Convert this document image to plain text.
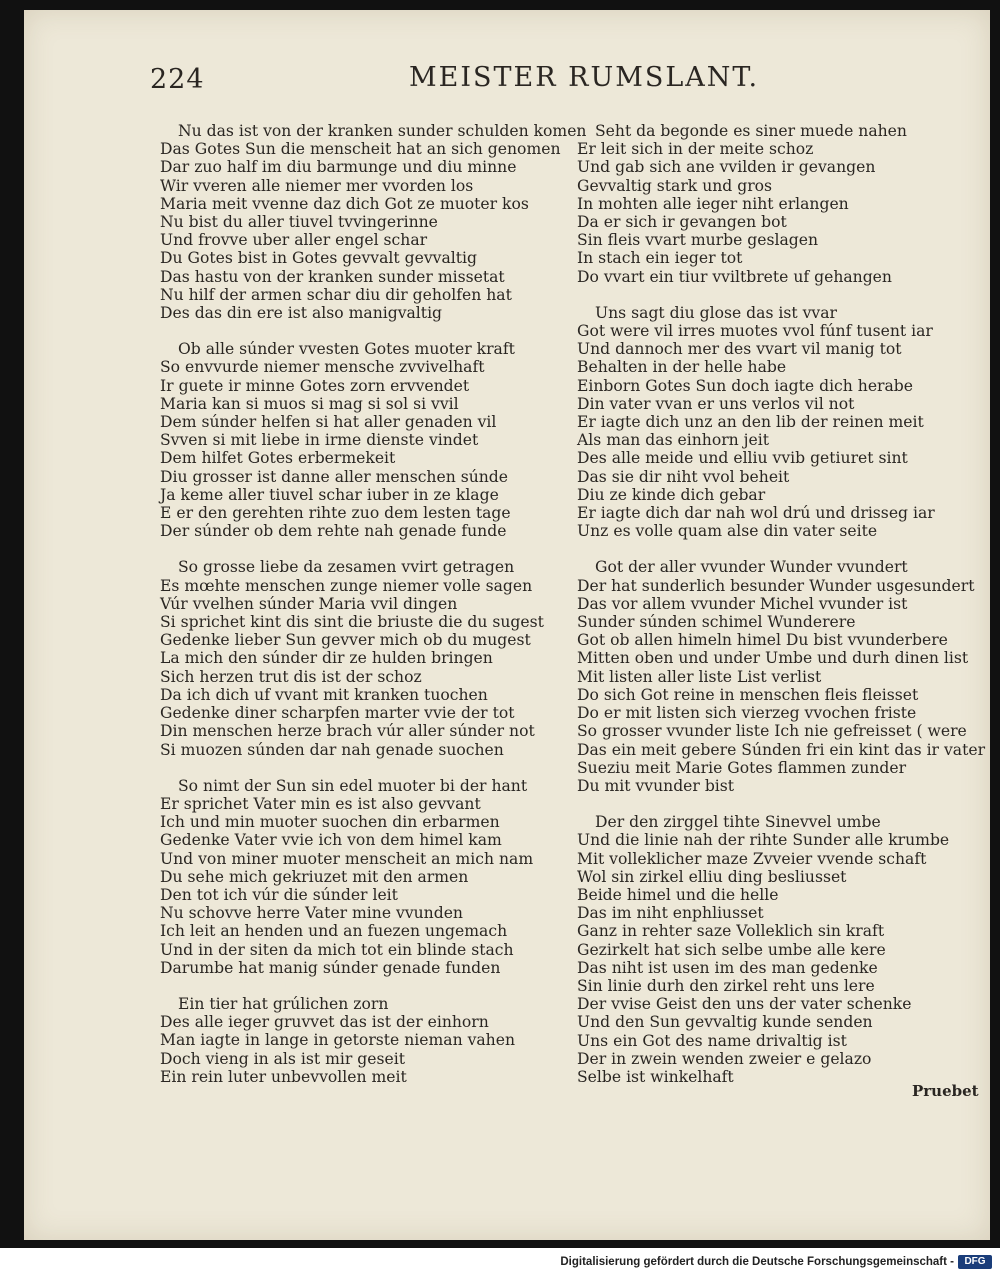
224	MEISTER RUMSLANT.
Nu das ist von der kranken sunder schulden komen
Das Gotes Sun die menscheit hat an sich genomen
Dar zuo half im diu barmunge und diu minne
Wir vveren alle niemer mer vvorden los
Maria meit vvenne daz dich Got ze muoter kos
Nu bist du aller tiuvel tvvingerinne
Und frovve uber aller engel schar
Du Gotes bist in Gotes gevvalt gevvaltig
Das hastu von der kranken sunder missetat
Nu hilf der armen schar diu dir geholfen hat
Des das din ere ist also manigvaltig
Ob alle súnder vvesten Gotes muoter kraft
So envvurde niemer mensche zvvivelhaft
Ir guete ir minne Gotes zorn ervvendet
Maria kan si muos si mag si sol si vvil
Dem súnder helfen si hat aller genaden vil
Svven si mit liebe in irme dienste vindet
Dem hilfet Gotes erbermekeit
Diu grosser ist danne aller menschen súnde
Ja keme aller tiuvel schar iuber in ze klage
E er den gerehten rihte zuo dem lesten tage
Der súnder ob dem rehte nah genade funde
So grosse liebe da zesamen vvirt getragen
Es mœhte menschen zunge niemer volle sagen
Vúr vvelhen súnder Maria vvil dingen
Si sprichet kint dis sint die briuste die du sugest
Gedenke lieber Sun gevver mich ob du mugest
La mich den súnder dir ze hulden bringen
Sich herzen trut dis ist der schoz
Da ich dich uf vvant mit kranken tuochen
Gedenke diner scharpfen marter vvie der tot
Din menschen herze brach vúr aller súnder not
Si muozen súnden dar nah genade suochen
So nimt der Sun sin edel muoter bi der hant
Er sprichet Vater min es ist also gevvant
Ich und min muoter suochen din erbarmen
Gedenke Vater vvie ich von dem himel kam
Und von miner muoter menscheit an mich nam
Du sehe mich gekriuzet mit den armen
Den tot ich vúr die súnder leit
Nu schovve herre Vater mine vvunden
Ich leit an henden und an fuezen ungemach
Und in der siten da mich tot ein blinde stach
Darumbe hat manig súnder genade funden
Ein tier hat grúlichen zorn
Des alle ieger gruvvet das ist der einhorn
Man iagte in lange in getorste nieman vahen
Doch vieng in als ist mir geseit
Ein rein luter unbevvollen meit
Seht da begonde es siner muede nahen
Er leit sich in der meite schoz
Und gab sich ane vvilden ir gevangen
Gevvaltig stark und gros
In mohten alle ieger niht erlangen
Da er sich ir gevangen bot
Sin fleis vvart murbe geslagen
In stach ein ieger tot
Do vvart ein tiur vviltbrete uf gehangen
Uns sagt diu glose das ist vvar
Got were vil irres muotes vvol fúnf tusent iar
Und dannoch mer des vvart vil manig tot
Behalten in der helle habe
Einborn Gotes Sun doch iagte dich herabe
Din vater vvan er uns verlos vil not
Er iagte dich unz an den lib der reinen meit
Als man das einhorn jeit
Des alle meide und elliu vvib getiuret sint
Das sie dir niht vvol beheit
Diu ze kinde dich gebar
Er iagte dich dar nah wol drú und drisseg iar
Unz es volle quam alse din vater seite
Got der aller vvunder Wunder vvundert
Der hat sunderlich besunder Wunder usgesundert
Das vor allem vvunder Michel vvunder ist
Sunder súnden schimel Wunderere
Got ob allen himeln himel Du bist vvunderbere
Mitten oben und under Umbe und durh dinen list
Mit listen aller liste List verlist
Do sich Got reine in menschen fleis fleisset
Do er mit listen sich vierzeg vvochen friste
So grosser vvunder liste Ich nie gefreisset ( were
Das ein meit gebere Súnden fri ein kint das ir vater
Sueziu meit Marie Gotes flammen zunder
Du mit vvunder bist
Der den zirggel tihte Sinevvel umbe
Und die linie nah der rihte Sunder alle krumbe
Mit volleklicher maze Zvveier vvende schaft
Wol sin zirkel elliu ding besliusset
Beide himel und die helle
Das im niht enphliusset
Ganz in rehter saze Volleklich sin kraft
Gezirkelt hat sich selbe umbe alle kere
Das niht ist usen im des man gedenke
Sin linie durh den zirkel reht uns lere
Der vvise Geist den uns der vater schenke
Und den Sun gevvaltig kunde senden
Uns ein Got des name drivaltig ist
Der in zwein wenden zweier e gelazo
Selbe ist winkelhaft
Pruebet
Digitalisierung gefördert durch die Deutsche Forschungsgemeinschaft -	DFG
